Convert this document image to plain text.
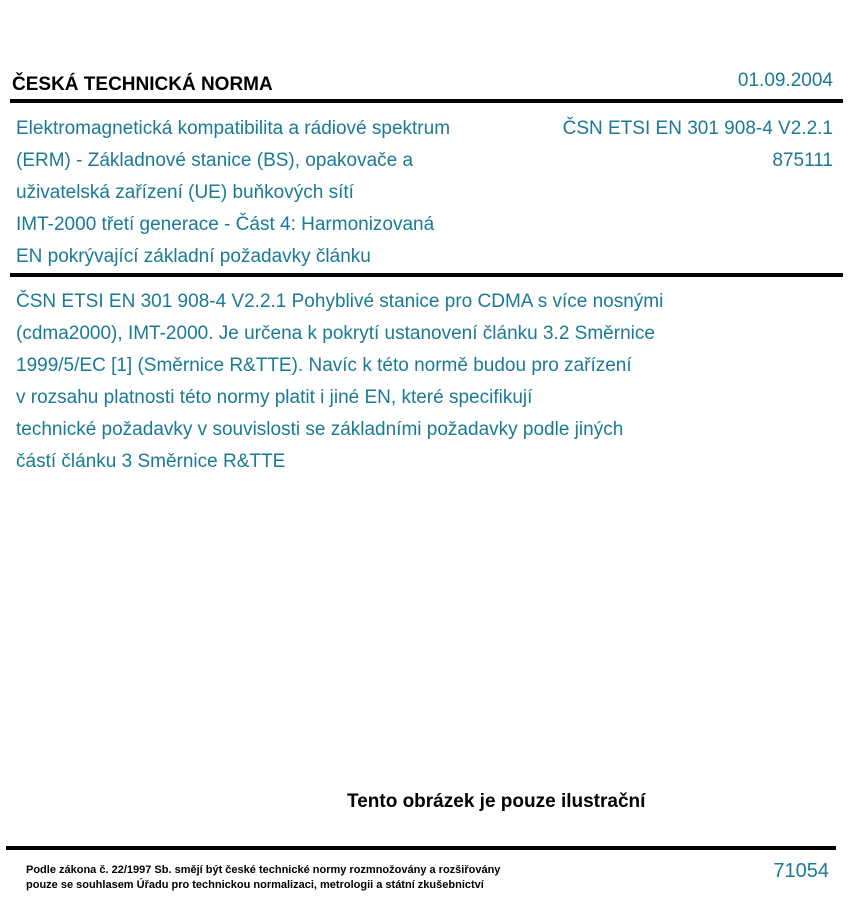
ČESKÁ TECHNICKÁ NORMA	01.09.2004
Elektromagnetická kompatibilita a rádiové spektrum
(ERM) - Základnové stanice (BS), opakovače a
uživatelská zařízení (UE) buňkových sítí
IMT-2000 třetí generace - Část 4: Harmonizovaná
EN pokrývající základní požadavky článku
ČSN ETSI EN 301 908-4 V2.2.1
875111
ČSN ETSI EN 301 908-4 V2.2.1 Pohyblivé stanice pro CDMA s více nosnými
(cdma2000), IMT-2000. Je určena k pokrytí ustanovení článku 3.2 Směrnice
1999/5/EC [1] (Směrnice R&TTE). Navíc k této normě budou pro zařízení
v rozsahu platnosti této normy platit i jiné EN, které specifikují
technické požadavky v souvislosti se základními požadavky podle jiných
částí článku 3 Směrnice R&TTE
Tento obrázek je pouze ilustrační
Podle zákona č. 22/1997 Sb. smějí být české technické normy rozmnožovány a rozšiřovány
pouze se souhlasem Úřadu pro technickou normalizaci, metrologii a státní zkušebnictví
71054
